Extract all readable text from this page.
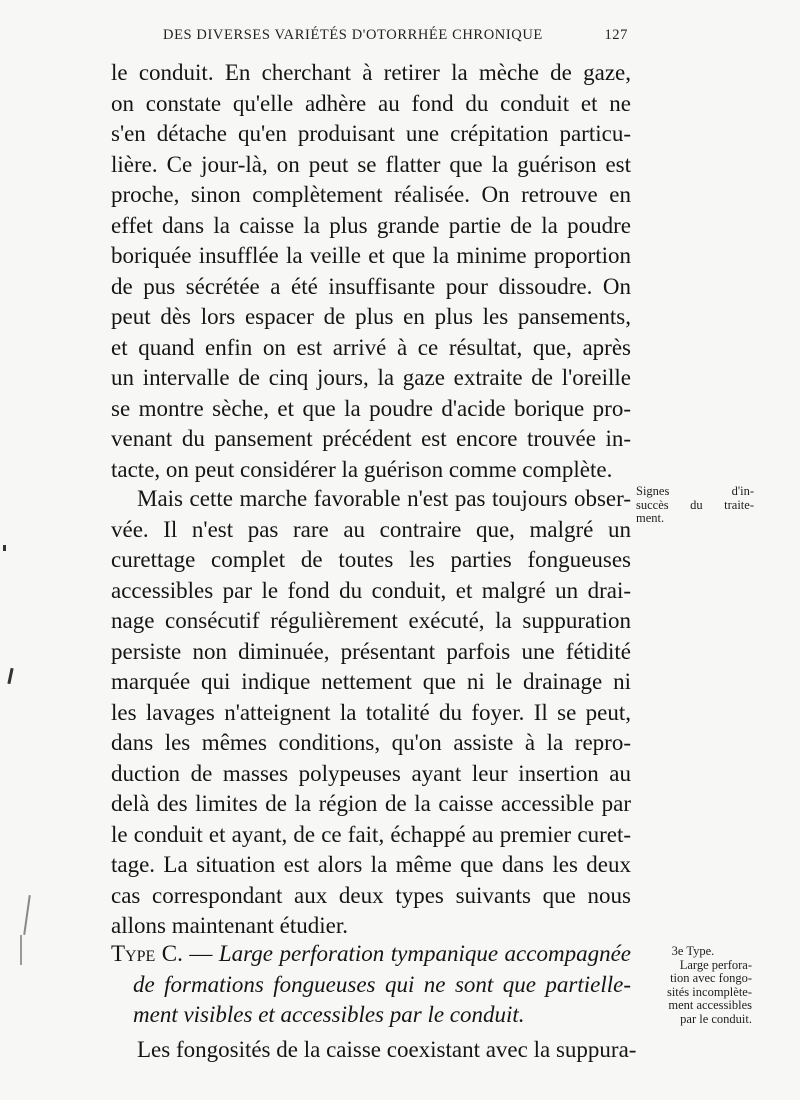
DES DIVERSES VARIÉTÉS D'OTORRHÉE CHRONIQUE	127
le conduit. En cherchant à retirer la mèche de gaze,
on constate qu'elle adhère au fond du conduit et ne
s'en détache qu'en produisant une crépitation particu-
lière. Ce jour-là, on peut se flatter que la guérison est
proche, sinon complètement réalisée. On retrouve en
effet dans la caisse la plus grande partie de la poudre
boriquée insufflée la veille et que la minime proportion
de pus sécrétée a été insuffisante pour dissoudre. On
peut dès lors espacer de plus en plus les pansements,
et quand enfin on est arrivé à ce résultat, que, après
un intervalle de cinq jours, la gaze extraite de l'oreille
se montre sèche, et que la poudre d'acide borique pro-
venant du pansement précédent est encore trouvée in-
tacte, on peut considérer la guérison comme complète.
Mais cette marche favorable n'est pas toujours obser-
vée. Il n'est pas rare au contraire que, malgré un
curettage complet de toutes les parties fongueuses
accessibles par le fond du conduit, et malgré un drai-
nage consécutif régulièrement exécuté, la suppuration
persiste non diminuée, présentant parfois une fétidité
marquée qui indique nettement que ni le drainage ni
les lavages n'atteignent la totalité du foyer. Il se peut,
dans les mêmes conditions, qu'on assiste à la repro-
duction de masses polypeuses ayant leur insertion au
delà des limites de la région de la caisse accessible par
le conduit et ayant, de ce fait, échappé au premier curet-
tage. La situation est alors la même que dans les deux
cas correspondant aux deux types suivants que nous
allons maintenant étudier.
Type C. — Large perforation tympanique accompagnée
de formations fongueuses qui ne sont que partielle-
ment visibles et accessibles par le conduit.
Les fongosités de la caisse coexistant avec la suppura-
Signes d'in-
succès du traite-
ment.
3e Type.
Large perfora-
tion avec fongo-
sités incomplète-
ment accessibles
par le conduit.
